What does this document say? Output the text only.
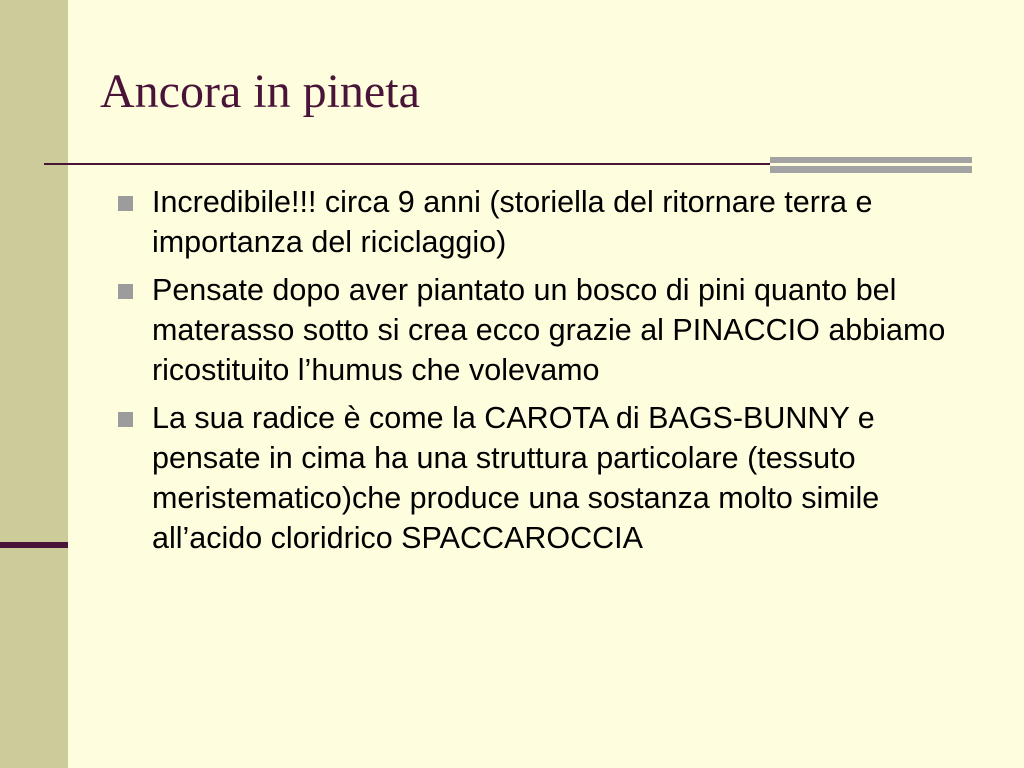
Ancora in pineta
Incredibile!!! circa 9 anni (storiella del ritornare terra e importanza del riciclaggio)
Pensate dopo aver piantato un bosco di pini quanto bel materasso sotto si crea ecco grazie al PINACCIO abbiamo ricostituito l’humus che volevamo
La sua radice è come la CAROTA di BAGS-BUNNY e pensate in cima ha una struttura particolare (tessuto meristematico)che produce una sostanza molto simile all’acido cloridrico SPACCAROCCIA
